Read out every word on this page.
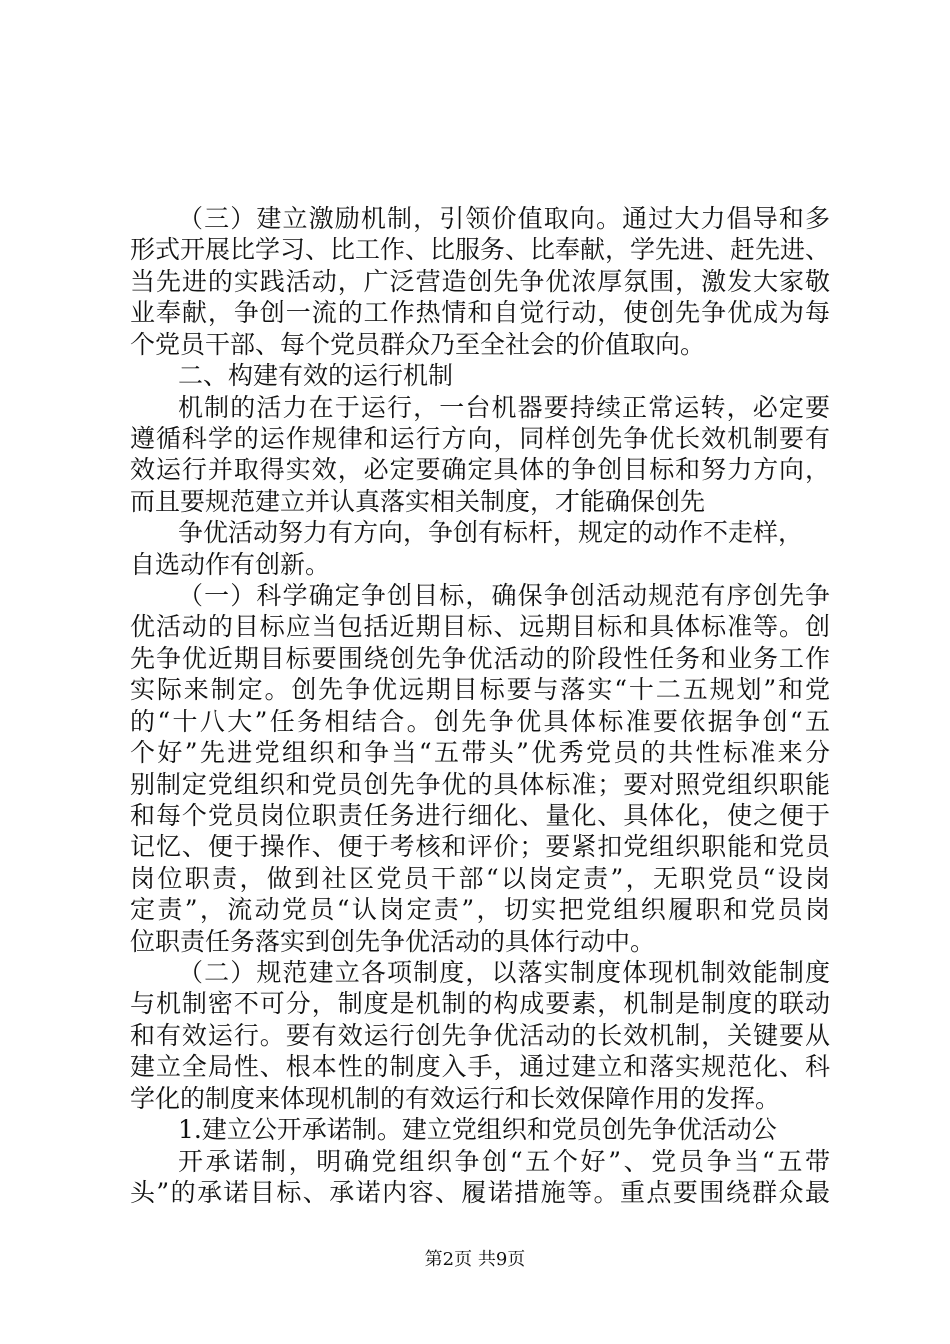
（三）建立激励机制，引领价值取向。通过大力倡导和多
形式开展比学习、比工作、比服务、比奉献，学先进、赶先进、
当先进的实践活动，广泛营造创先争优浓厚氛围，激发大家敬
业奉献，争创一流的工作热情和自觉行动，使创先争优成为每
个党员干部、每个党员群众乃至全社会的价值取向。
二、构建有效的运行机制
机制的活力在于运行，一台机器要持续正常运转，必定要
遵循科学的运作规律和运行方向，同样创先争优长效机制要有
效运行并取得实效，必定要确定具体的争创目标和努力方向，
而且要规范建立并认真落实相关制度，才能确保创先
争优活动努力有方向，争创有标杆，规定的动作不走样，
自选动作有创新。
（一）科学确定争创目标，确保争创活动规范有序创先争
优活动的目标应当包括近期目标、远期目标和具体标准等。创
先争优近期目标要围绕创先争优活动的阶段性任务和业务工作
实际来制定。创先争优远期目标要与落实“十二五规划”和党
的“十八大”任务相结合。创先争优具体标准要依据争创“五
个好”先进党组织和争当“五带头”优秀党员的共性标准来分
别制定党组织和党员创先争优的具体标准；要对照党组织职能
和每个党员岗位职责任务进行细化、量化、具体化，使之便于
记忆、便于操作、便于考核和评价；要紧扣党组织职能和党员
岗位职责，做到社区党员干部“以岗定责”，无职党员“设岗
定责”，流动党员“认岗定责”，切实把党组织履职和党员岗
位职责任务落实到创先争优活动的具体行动中。
（二）规范建立各项制度，以落实制度体现机制效能制度
与机制密不可分，制度是机制的构成要素，机制是制度的联动
和有效运行。要有效运行创先争优活动的长效机制，关键要从
建立全局性、根本性的制度入手，通过建立和落实规范化、科
学化的制度来体现机制的有效运行和长效保障作用的发挥。
1.建立公开承诺制。建立党组织和党员创先争优活动公
第2页 共9页
开承诺制，明确党组织争创“五个好”、党员争当“五带
头”的承诺目标、承诺内容、履诺措施等。重点要围绕群众最
